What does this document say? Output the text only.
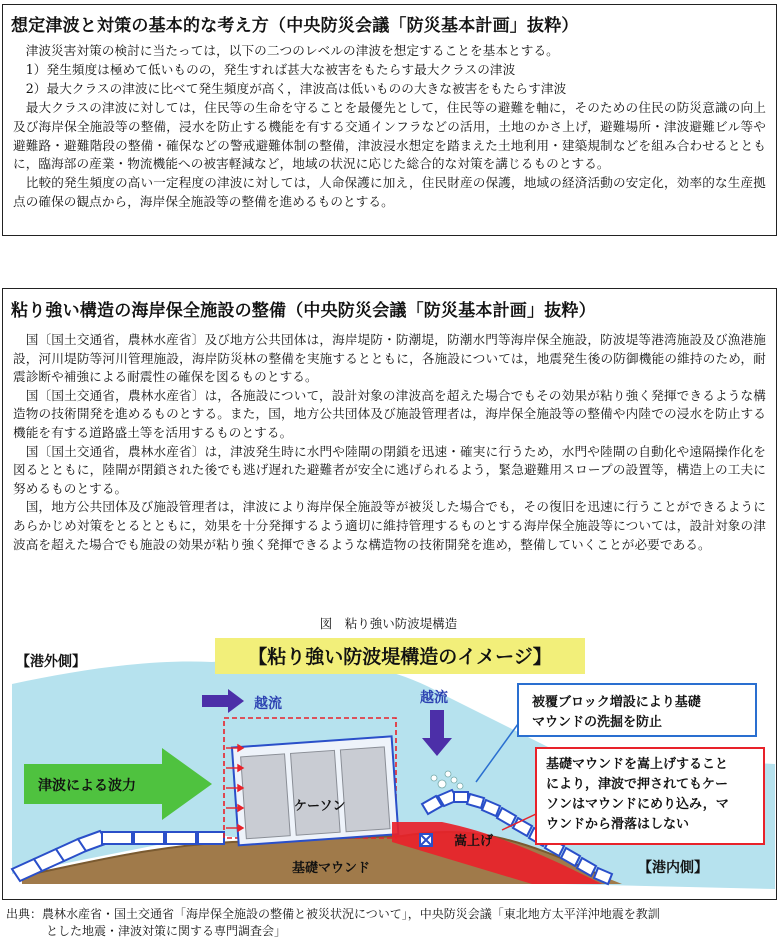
想定津波と対策の基本的な考え方（中央防災会議「防災基本計画」抜粋）

　津波災害対策の検討に当たっては，以下の二つのレベルの津波を想定することを基本とする。

　1）発生頻度は極めて低いものの，発生すれば甚大な被害をもたらす最大クラスの津波

　2）最大クラスの津波に比べて発生頻度が高く，津波高は低いものの大きな被害をもたらす津波

　最大クラスの津波に対しては，住民等の生命を守ることを最優先として，住民等の避難を軸に，そのための住民の防災意識の向上及び海岸保全施設等の整備，浸水を防止する機能を有する交通インフラなどの活用，土地のかさ上げ，避難場所・津波避難ビル等や避難路・避難階段の整備・確保などの警戒避難体制の整備，津波浸水想定を踏まえた土地利用・建築規制などを組み合わせるとともに，臨海部の産業・物流機能への被害軽減など，地域の状況に応じた総合的な対策を講じるものとする。

　比較的発生頻度の高い一定程度の津波に対しては，人命保護に加え，住民財産の保護，地域の経済活動の安定化，効率的な生産拠点の確保の観点から，海岸保全施設等の整備を進めるものとする。

粘り強い構造の海岸保全施設の整備（中央防災会議「防災基本計画」抜粋）

　国〔国土交通省，農林水産省〕及び地方公共団体は，海岸堤防・防潮堤，防潮水門等海岸保全施設，防波堤等港湾施設及び漁港施設，河川堤防等河川管理施設，海岸防災林の整備を実施するとともに，各施設については，地震発生後の防御機能の維持のため，耐震診断や補強による耐震性の確保を図るものとする。

　国〔国土交通省，農林水産省〕は，各施設について，設計対象の津波高を超えた場合でもその効果が粘り強く発揮できるような構造物の技術開発を進めるものとする。また，国，地方公共団体及び施設管理者は，海岸保全施設等の整備や内陸での浸水を防止する機能を有する道路盛土等を活用するものとする。

　国〔国土交通省，農林水産省〕は，津波発生時に水門や陸閘の閉鎖を迅速・確実に行うため，水門や陸閘の自動化や遠隔操作化を図るとともに，陸閘が閉鎖された後でも逃げ遅れた避難者が安全に逃げられるよう，緊急避難用スロープの設置等，構造上の工夫に努めるものとする。

　国，地方公共団体及び施設管理者は，津波により海岸保全施設等が被災した場合でも，その復旧を迅速に行うことができるようにあらかじめ対策をとるとともに，効果を十分発揮するよう適切に維持管理するものとする海岸保全施設等については，設計対象の津波高を超えた場合でも施設の効果が粘り強く発揮できるような構造物の技術開発を進め，整備していくことが必要である。

図　粘り強い防波堤構造
【粘り強い防波堤構造のイメージ】
【港外側】
基礎マウンド
ケーソン
嵩上げ
越流	越流
津波による波力
被覆ブロック増設により基礎
マウンドの洗掘を防止
基礎マウンドを嵩上げすること
により，津波で押されてもケー
ソンはマウンドにめり込み，マ
ウンドから滑落はしない
【港内側】
出典：農林水産省・国土交通省「海岸保全施設の整備と被災状況について」，中央防災会議「東北地方太平洋沖地震を教訓
とした地震・津波対策に関する専門調査会」
